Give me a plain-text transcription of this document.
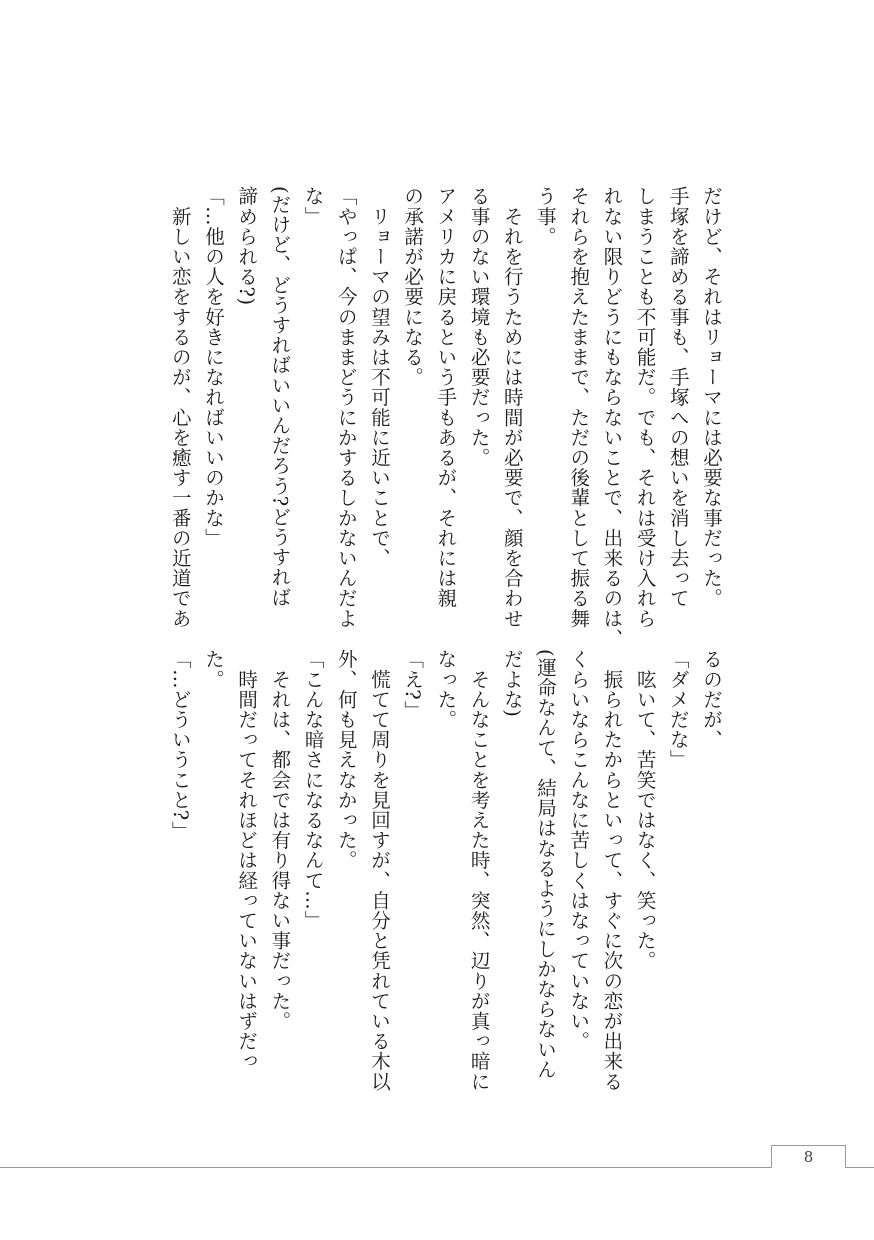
だけど、それはリョーマには必要な事だった。

手塚を諦める事も、手塚への想いを消し去って

しまうことも不可能だ。でも、それは受け入れら

れない限りどうにもならないことで、出来るのは、

それらを抱えたままで、ただの後輩として振る舞

う事。

　それを行うためには時間が必要で、顔を合わせ

る事のない環境も必要だった。

アメリカに戻るという手もあるが、それには親

の承諾が必要になる。

　リョーマの望みは不可能に近いことで、

「やっぱ、今のままどうにかするしかないんだよ

な」

(だけど、どうすればいいんだろう?どうすれば

諦められる?)

「…他の人を好きになればいいのかな」

　新しい恋をするのが、心を癒す一番の近道であ

るのだが、

「ダメだな」

　呟いて、苦笑ではなく、笑った。

　振られたからといって、すぐに次の恋が出来る

くらいならこんなに苦しくはなっていない。

(運命なんて、結局はなるようにしかならないん

だよな)

　そんなことを考えた時、突然、辺りが真っ暗に

なった。

「え?」

　慌てて周りを見回すが、自分と凭れている木以

外、何も見えなかった。

「こんな暗さになるなんて…」

　それは、都会では有り得ない事だった。

　時間だってそれほどは経っていないはずだっ

た。

「…どういうこと?」

8
